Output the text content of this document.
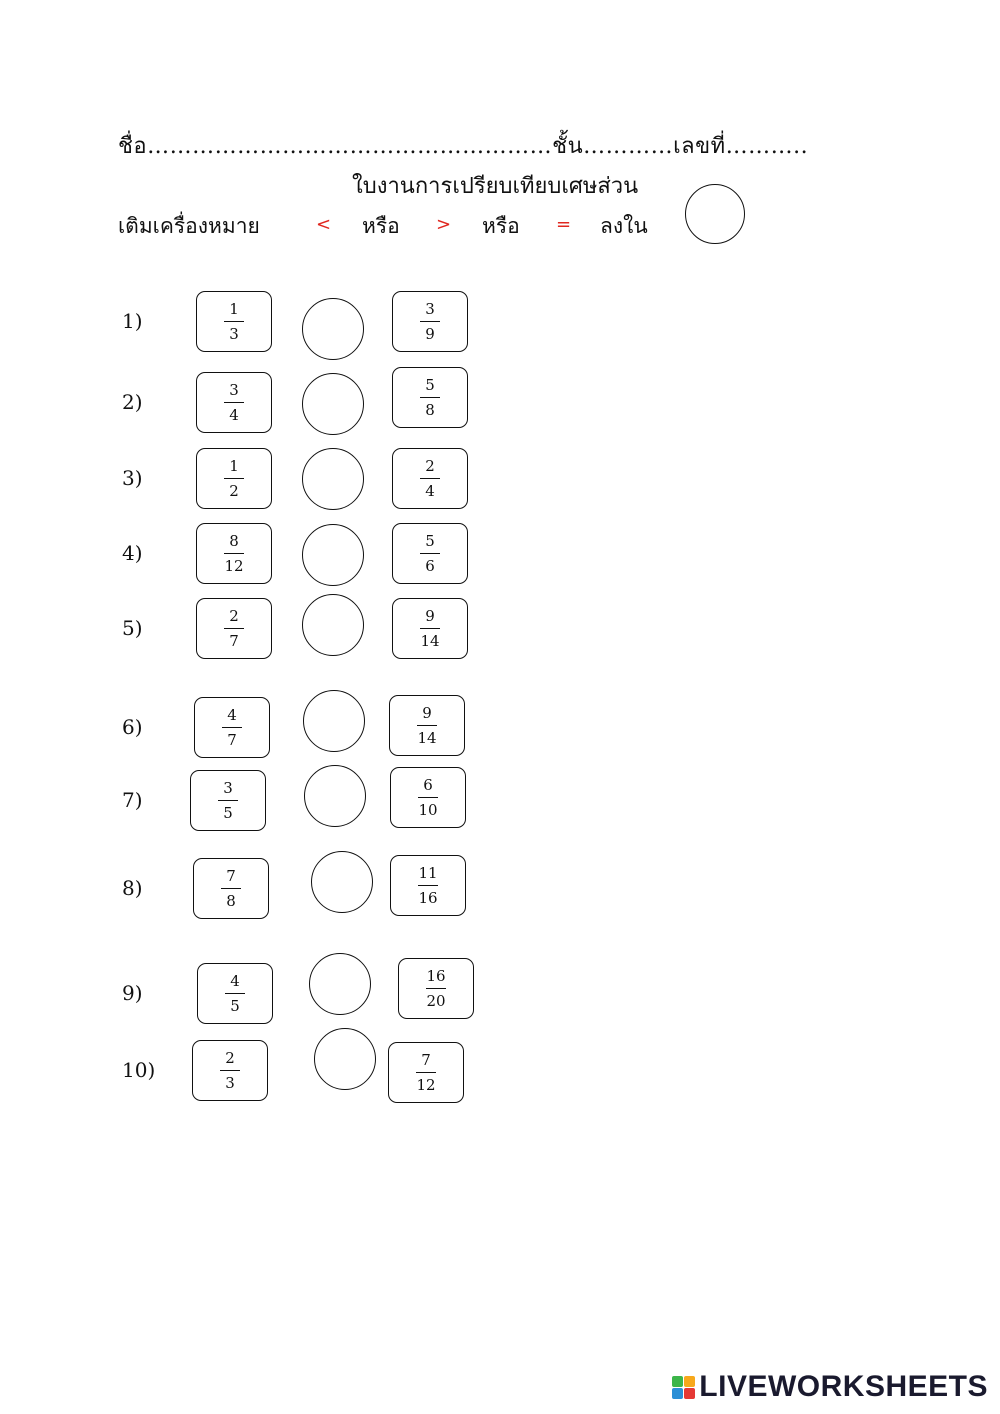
ชื่อ………………………………………………ชั้น…………เลขที่………..
ใบงานการเปรียบเทียบเศษส่วน
เติมเครื่องหมาย	< หรือ > หรือ = ลงใน
1)	$\frac{1}{3}$	$\frac{3}{9}$
2)	$\frac{3}{4}$	$\frac{5}{8}$
3)	$\frac{1}{2}$	$\frac{2}{4}$
4)	$\frac{8}{12}$	$\frac{5}{6}$
5)	$\frac{2}{7}$	$\frac{9}{14}$
6)	$\frac{4}{7}$	$\frac{9}{14}$
7)	$\frac{3}{5}$	$\frac{6}{10}$
8)	$\frac{7}{8}$	$\frac{11}{16}$
9)	$\frac{4}{5}$	$\frac{16}{20}$
10)	$\frac{2}{3}$	$\frac{7}{12}$
LIVEWORKSHEETS
